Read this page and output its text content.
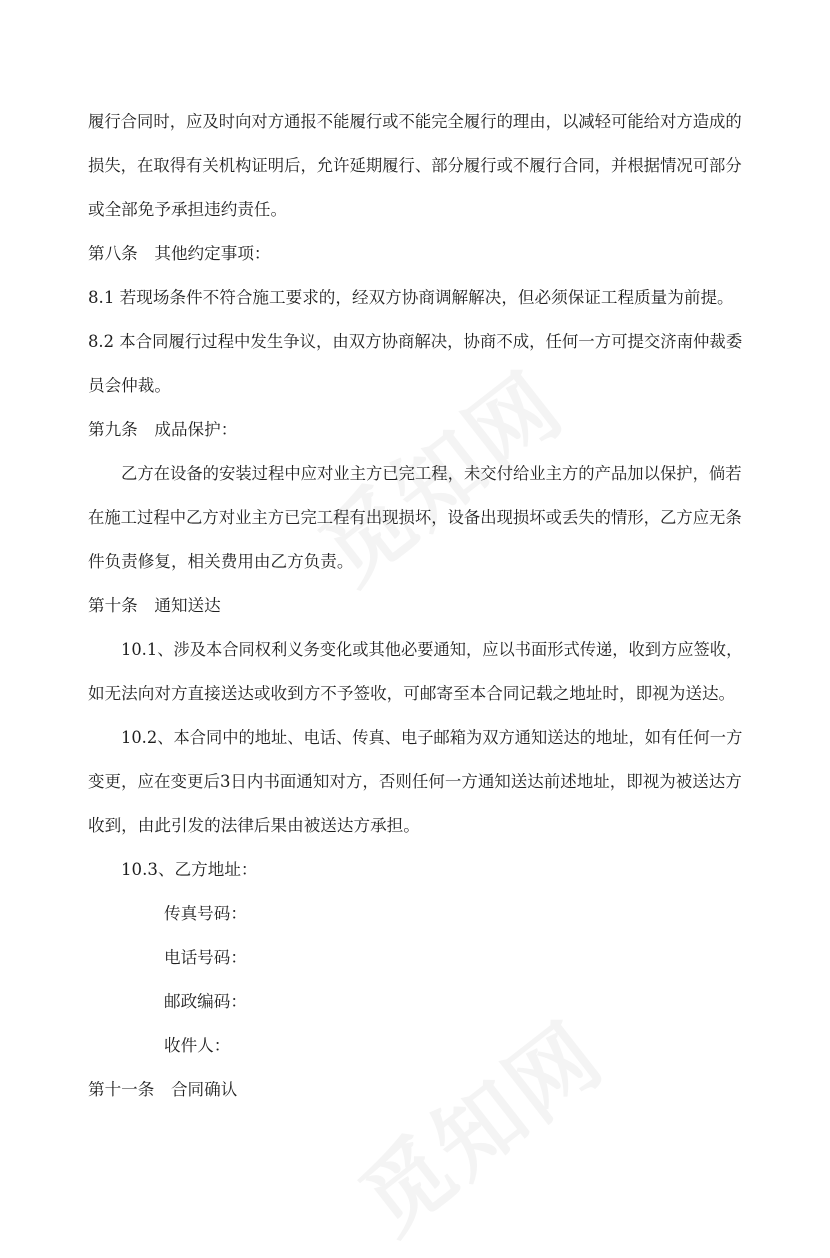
履行合同时，应及时向对方通报不能履行或不能完全履行的理由，以减轻可能给对方造成的
损失，在取得有关机构证明后，允许延期履行、部分履行或不履行合同，并根据情况可部分
或全部免予承担违约责任。
第八条　其他约定事项：
8.1 若现场条件不符合施工要求的，经双方协商调解解决，但必须保证工程质量为前提。
8.2 本合同履行过程中发生争议，由双方协商解决，协商不成，任何一方可提交济南仲裁委
员会仲裁。
第九条　成品保护：
乙方在设备的安装过程中应对业主方已完工程，未交付给业主方的产品加以保护，倘若
在施工过程中乙方对业主方已完工程有出现损坏，设备出现损坏或丢失的情形，乙方应无条
件负责修复，相关费用由乙方负责。
第十条　通知送达
10.1、涉及本合同权利义务变化或其他必要通知，应以书面形式传递，收到方应签收，
如无法向对方直接送达或收到方不予签收，可邮寄至本合同记载之地址时，即视为送达。
10.2、本合同中的地址、电话、传真、电子邮箱为双方通知送达的地址，如有任何一方
变更，应在变更后3日内书面通知对方，否则任何一方通知送达前述地址，即视为被送达方
收到，由此引发的法律后果由被送达方承担。
10.3、乙方地址：
传真号码：
电话号码：
邮政编码：
收件人：
第十一条　合同确认
